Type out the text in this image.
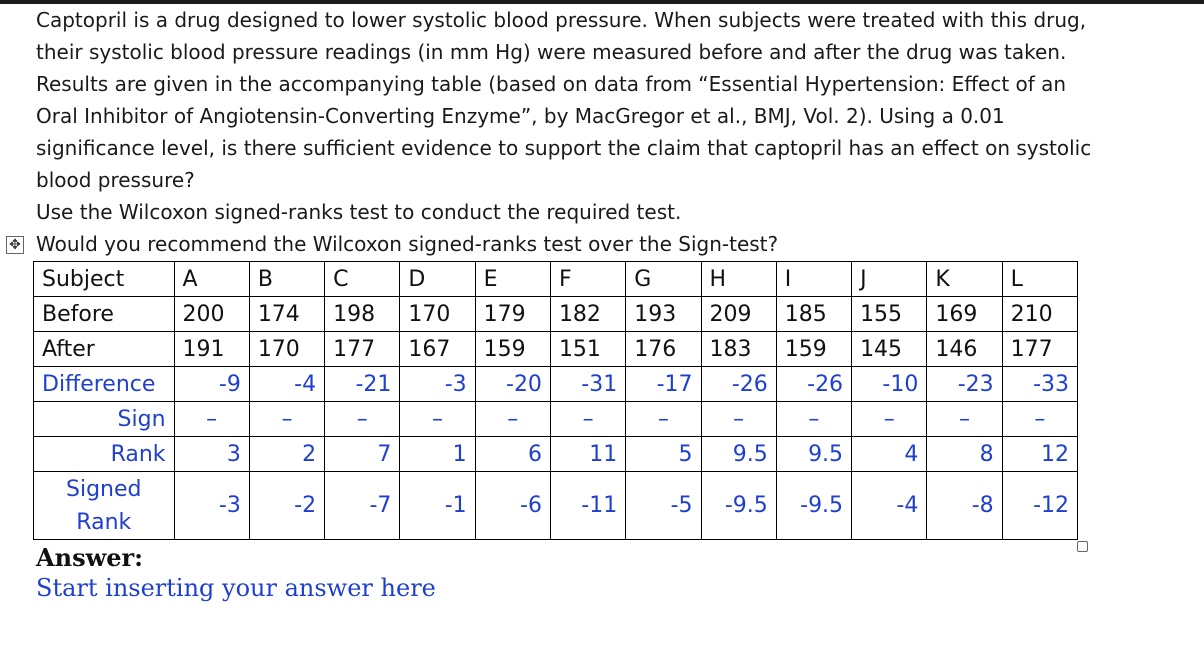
Captopril is a drug designed to lower systolic blood pressure. When subjects were treated with this drug,
their systolic blood pressure readings (in mm Hg) were measured before and after the drug was taken.
Results are given in the accompanying table (based on data from “Essential Hypertension: Effect of an
Oral Inhibitor of Angiotensin-Converting Enzyme”, by MacGregor et al., BMJ, Vol. 2). Using a 0.01
significance level, is there sufficient evidence to support the claim that captopril has an effect on systolic
blood pressure?
Use the Wilcoxon signed-ranks test to conduct the required test.
Would you recommend the Wilcoxon signed-ranks test over the Sign-test?
✥
Subject	A	B	C	D	E	F	G	H	I	J	K	L
Before	200	174	198	170	179	182	193	209	185	155	169	210
After	191	170	177	167	159	151	176	183	159	145	146	177
Difference	-9	-4	-21	-3	-20	-31	-17	-26	-26	-10	-23	-33
Sign	–	–	–	–	–	–	–	–	–	–	–	–
Rank	3	2	7	1	6	11	5	9.5	9.5	4	8	12

Signed
Rank	-3	-2	-7	-1	-6	-11	-5	-9.5	-9.5	-4	-8	-12
Answer:
Start inserting your answer here
